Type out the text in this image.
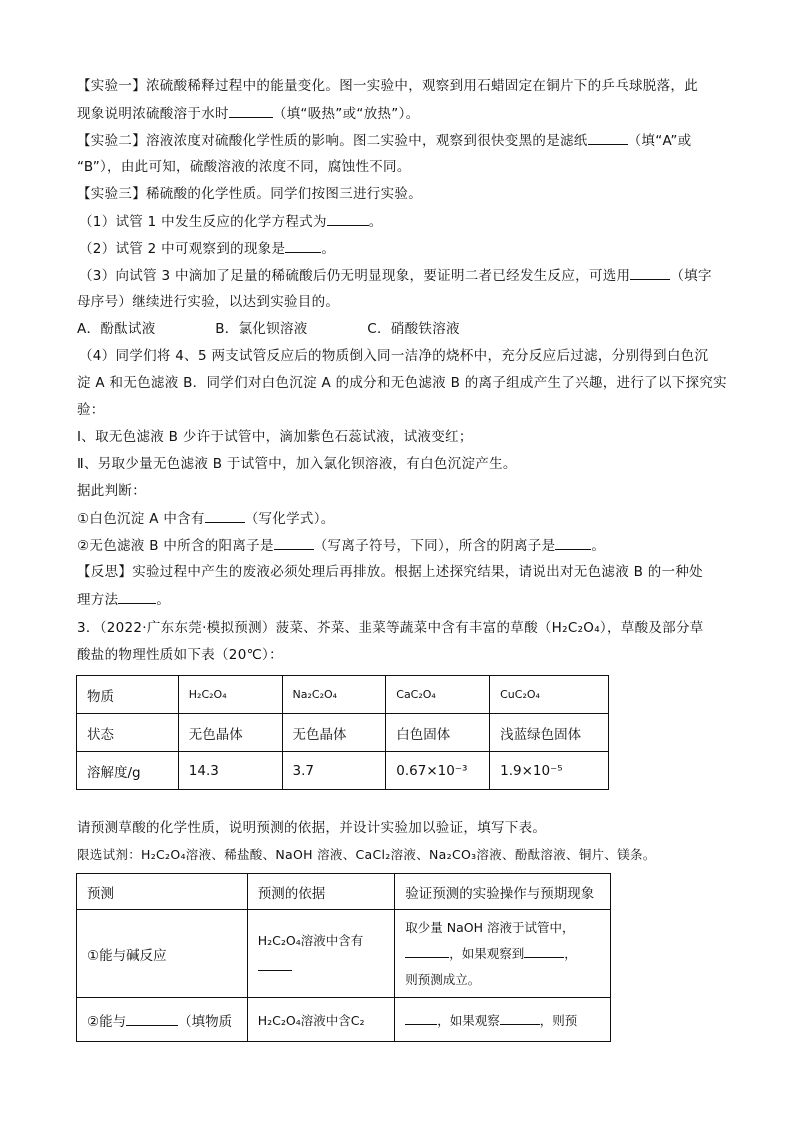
【实验一】浓硫酸稀释过程中的能量变化。图一实验中，观察到用石蜡固定在铜片下的乒乓球脱落，此
现象说明浓硫酸溶于水时	（填“吸热”或“放热”）。
【实验二】溶液浓度对硫酸化学性质的影响。图二实验中，观察到很快变黑的是滤纸	（填“A”或
“B”），由此可知，硫酸溶液的浓度不同，腐蚀性不同。
【实验三】稀硫酸的化学性质。同学们按图三进行实验。
（1）试管 1 中发生反应的化学方程式为	。
（2）试管 2 中可观察到的现象是	。
（3）向试管 3 中滴加了足量的稀硫酸后仍无明显现象，要证明二者已经发生反应，可选用	（填字
母序号）继续进行实验，以达到实验目的。
A．酚酞试液             B．氯化钡溶液             C．硝酸铁溶液
（4）同学们将 4、5 两支试管反应后的物质倒入同一洁净的烧杯中，充分反应后过滤，分别得到白色沉
淀 A 和无色滤液 B．同学们对白色沉淀 A 的成分和无色滤液 B 的离子组成产生了兴趣，进行了以下探究实
验：
Ⅰ、取无色滤液 B 少许于试管中，滴加紫色石蕊试液，试液变红；
Ⅱ、另取少量无色滤液 B 于试管中，加入氯化钡溶液，有白色沉淀产生。
据此判断：
①白色沉淀 A 中含有	（写化学式）。
②无色滤液 B 中所含的阳离子是	（写离子符号，下同），所含的阴离子是	。
【反思】实验过程中产生的废液必须处理后再排放。根据上述探究结果，请说出对无色滤液 B 的一种处
理方法	。
3．（2022·广东东莞·模拟预测）菠菜、芥菜、韭菜等蔬菜中含有丰富的草酸（H₂C₂O₄），草酸及部分草
酸盐的物理性质如下表（20℃）：
物质	H₂C₂O₄	Na₂C₂O₄	CaC₂O₄	CuC₂O₄
状态	无色晶体	无色晶体	白色固体	浅蓝绿色固体
溶解度/g	14.3	3.7	0.67×10⁻³	1.9×10⁻⁵
请预测草酸的化学性质，说明预测的依据，并设计实验加以验证，填写下表。
限选试剂：H₂C₂O₄溶液、稀盐酸、NaOH 溶液、CaCl₂溶液、Na₂CO₃溶液、酚酞溶液、铜片、镁条。
预测	预测的依据	验证预测的实验操作与预期现象
①能与碱反应	H₂C₂O₄溶液中含有	取少量 NaOH 溶液于试管中，
，如果观察到 ，
则预测成立。

②能与 （填物质	H₂C₂O₄溶液中含C₂	，如果观察 ，则预
